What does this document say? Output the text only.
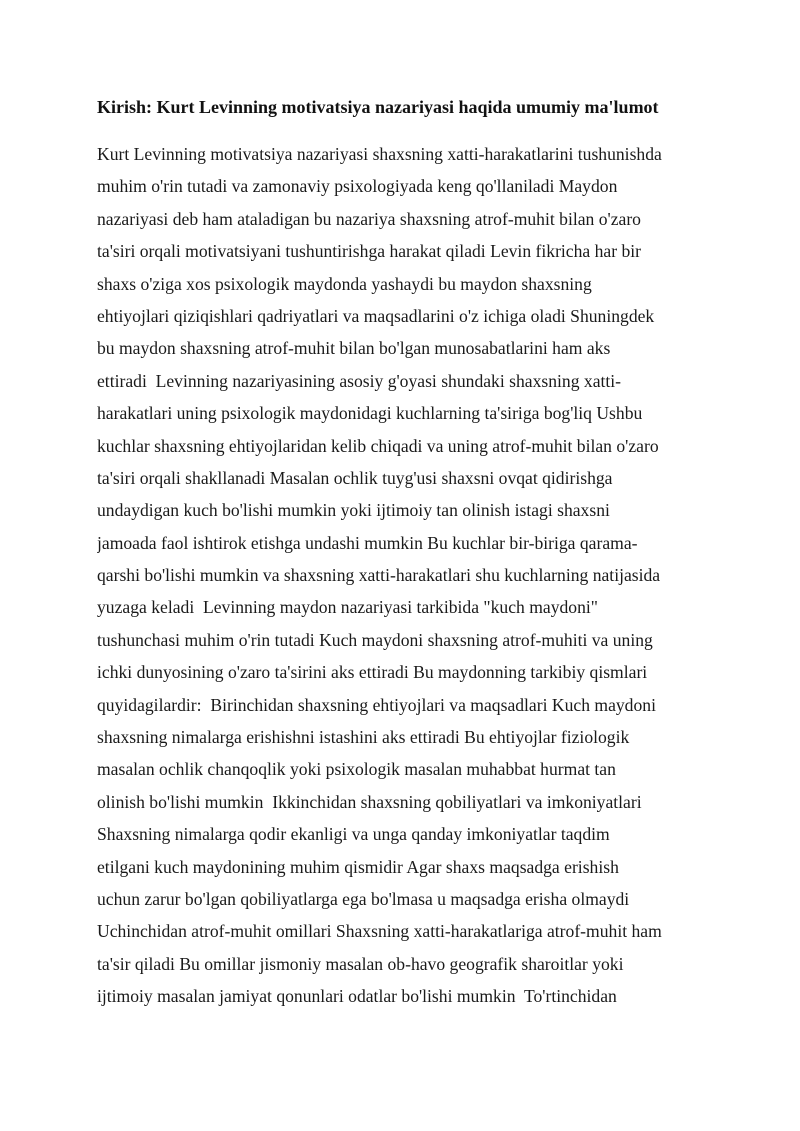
Kirish: Kurt Levinning motivatsiya nazariyasi haqida umumiy ma'lumot
Kurt Levinning motivatsiya nazariyasi shaxsning xatti-harakatlarini tushunishda
muhim o'rin tutadi va zamonaviy psixologiyada keng qo'llaniladi Maydon
nazariyasi deb ham ataladigan bu nazariya shaxsning atrof-muhit bilan o'zaro
ta'siri orqali motivatsiyani tushuntirishga harakat qiladi Levin fikricha har bir
shaxs o'ziga xos psixologik maydonda yashaydi bu maydon shaxsning
ehtiyojlari qiziqishlari qadriyatlari va maqsadlarini o'z ichiga oladi Shuningdek
bu maydon shaxsning atrof-muhit bilan bo'lgan munosabatlarini ham aks
ettiradi  Levinning nazariyasining asosiy g'oyasi shundaki shaxsning xatti-
harakatlari uning psixologik maydonidagi kuchlarning ta'siriga bog'liq Ushbu
kuchlar shaxsning ehtiyojlaridan kelib chiqadi va uning atrof-muhit bilan o'zaro
ta'siri orqali shakllanadi Masalan ochlik tuyg'usi shaxsni ovqat qidirishga
undaydigan kuch bo'lishi mumkin yoki ijtimoiy tan olinish istagi shaxsni
jamoada faol ishtirok etishga undashi mumkin Bu kuchlar bir-biriga qarama-
qarshi bo'lishi mumkin va shaxsning xatti-harakatlari shu kuchlarning natijasida
yuzaga keladi  Levinning maydon nazariyasi tarkibida "kuch maydoni"
tushunchasi muhim o'rin tutadi Kuch maydoni shaxsning atrof-muhiti va uning
ichki dunyosining o'zaro ta'sirini aks ettiradi Bu maydonning tarkibiy qismlari
quyidagilardir:  Birinchidan shaxsning ehtiyojlari va maqsadlari Kuch maydoni
shaxsning nimalarga erishishni istashini aks ettiradi Bu ehtiyojlar fiziologik
masalan ochlik chanqoqlik yoki psixologik masalan muhabbat hurmat tan
olinish bo'lishi mumkin  Ikkinchidan shaxsning qobiliyatlari va imkoniyatlari
Shaxsning nimalarga qodir ekanligi va unga qanday imkoniyatlar taqdim
etilgani kuch maydonining muhim qismidir Agar shaxs maqsadga erishish
uchun zarur bo'lgan qobiliyatlarga ega bo'lmasa u maqsadga erisha olmaydi
Uchinchidan atrof-muhit omillari Shaxsning xatti-harakatlariga atrof-muhit ham
ta'sir qiladi Bu omillar jismoniy masalan ob-havo geografik sharoitlar yoki
ijtimoiy masalan jamiyat qonunlari odatlar bo'lishi mumkin  To'rtinchidan
